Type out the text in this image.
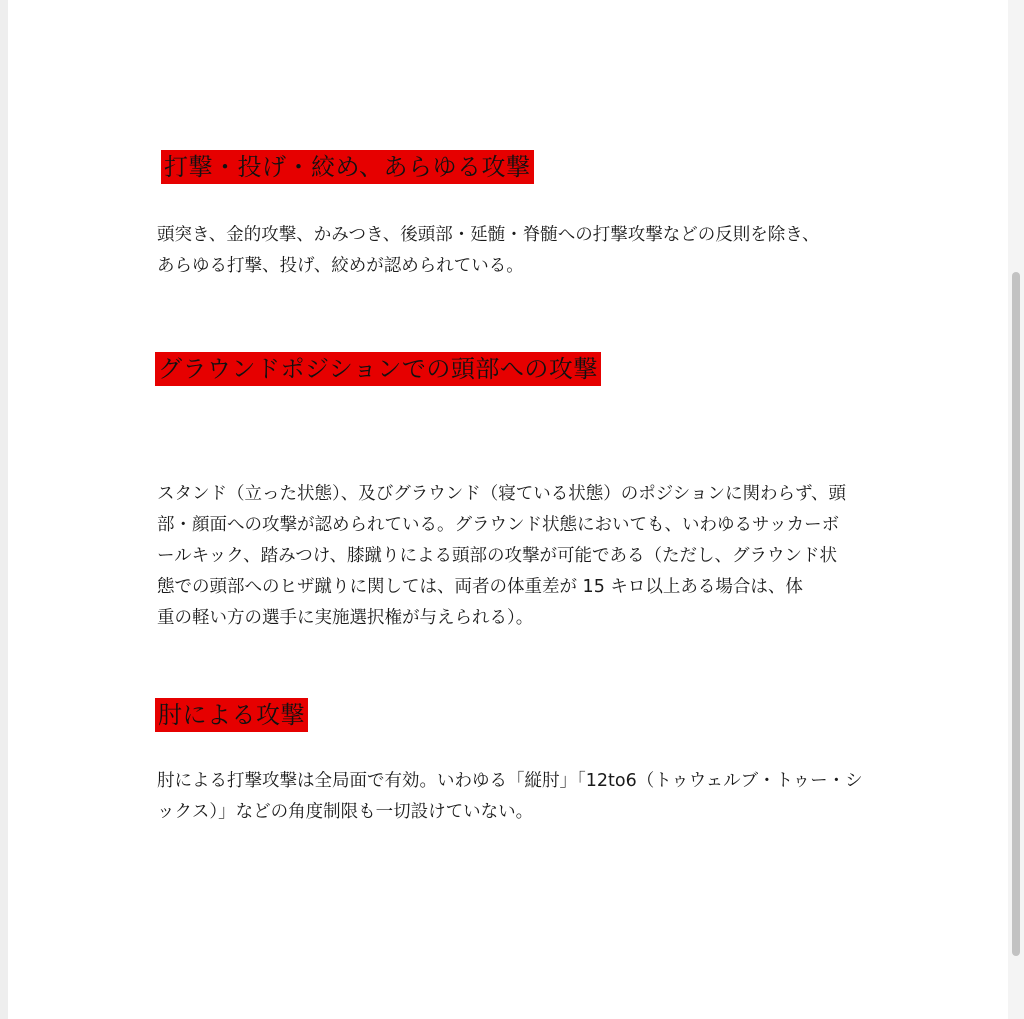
打撃・投げ・絞め、あらゆる攻撃
頭突き、金的攻撃、かみつき、後頭部・延髄・脊髄への打撃攻撃などの反則を除き、
あらゆる打撃、投げ、絞めが認められている。
グラウンドポジションでの頭部への攻撃
スタンド（立った状態）、及びグラウンド（寝ている状態）のポジションに関わらず、頭
部・顔面への攻撃が認められている。グラウンド状態においても、いわゆるサッカーボ
ールキック、踏みつけ、膝蹴りによる頭部の攻撃が可能である（ただし、グラウンド状
態での頭部へのヒザ蹴りに関しては、両者の体重差が 15 キロ以上ある場合は、体
重の軽い方の選手に実施選択権が与えられる）。
肘による攻撃
肘による打撃攻撃は全局面で有効。いわゆる「縦肘」「12to6（トゥウェルブ・トゥー・シ
ックス）」などの角度制限も一切設けていない。
